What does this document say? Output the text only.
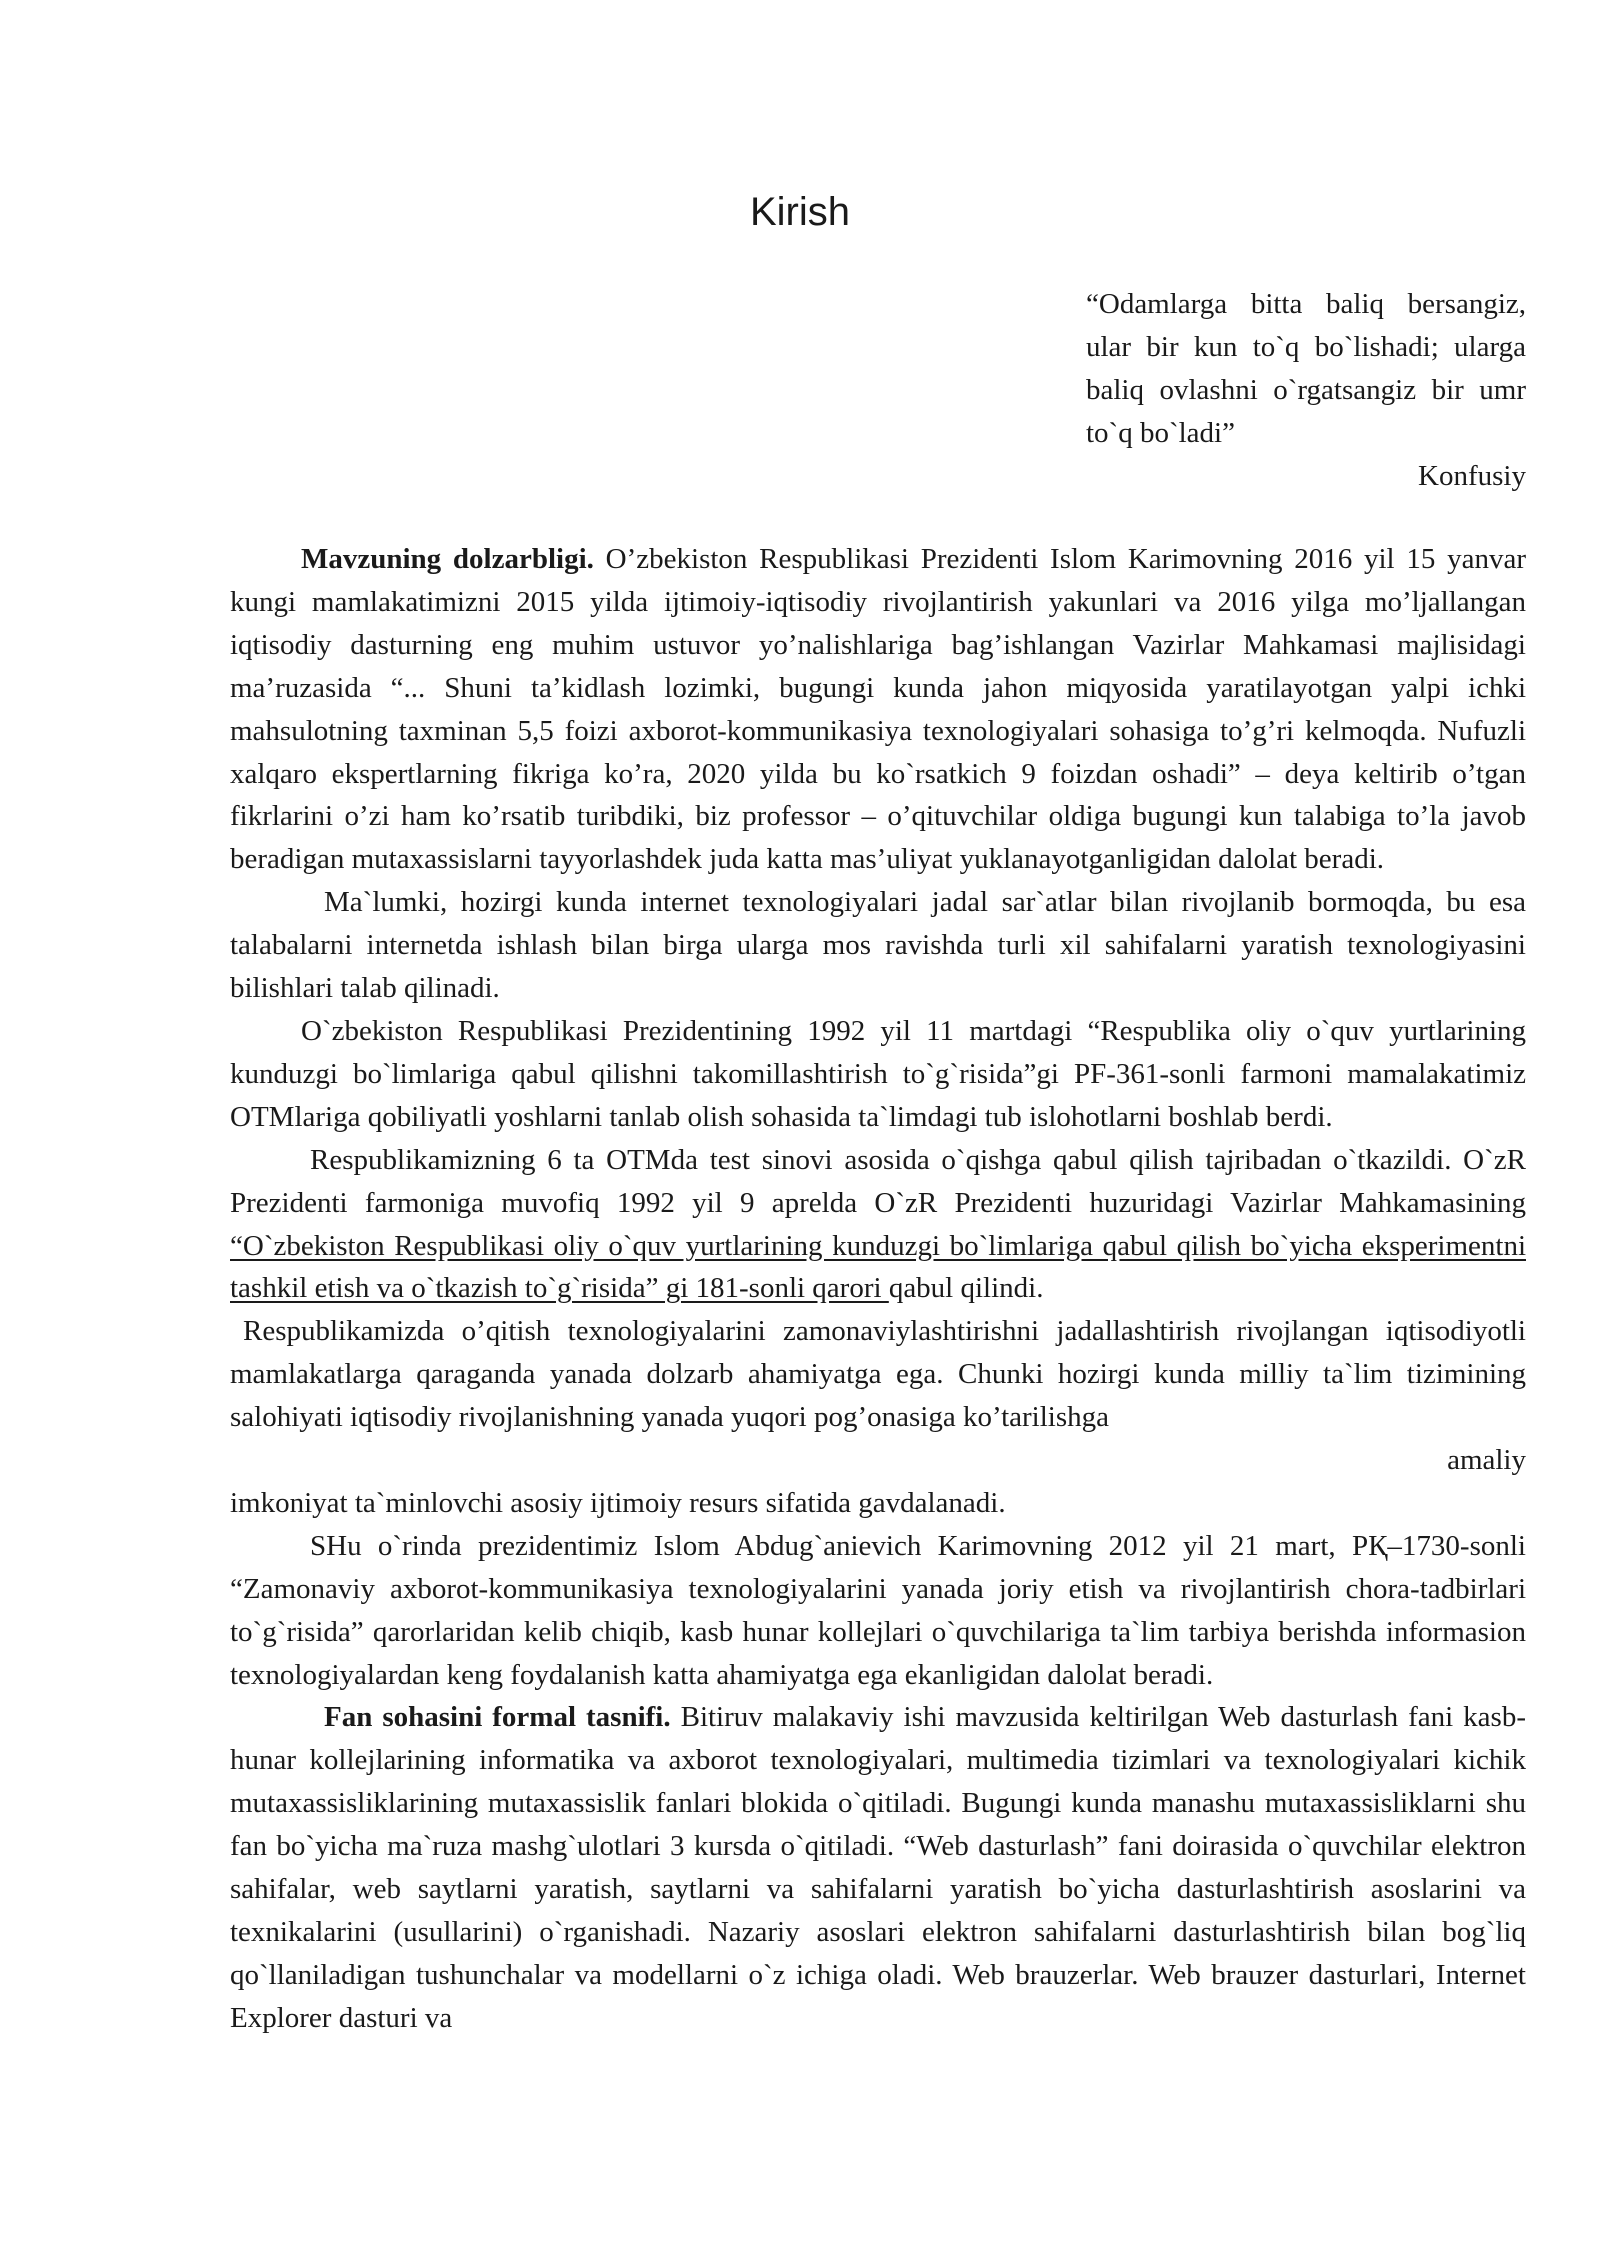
Kirish
“Odamlarga bitta baliq bersangiz, ular bir kun to`q bo`lishadi; ularga baliq ovlashni o`rgatsangiz bir umr to`q bo`ladi”
Konfusiy

Mavzuning dolzarbligi. O’zbekiston Respublikasi Prezidenti Islom Karimovning 2016 yil 15 yanvar kungi mamlakatimizni 2015 yilda ijtimoiy-iqtisodiy rivojlantirish yakunlari va 2016 yilga mo’ljallangan iqtisodiy dasturning eng muhim ustuvor yo’nalishlariga bag’ishlangan Vazirlar Mahkamasi majlisidagi ma’ruzasida “... Shuni ta’kidlash lozimki, bugungi kunda jahon miqyosida yaratilayotgan yalpi ichki mahsulotning taxminan 5,5 foizi axborot-kommunikasiya texnologiyalari sohasiga to’g’ri kelmoqda. Nufuzli xalqaro ekspertlarning fikriga ko’ra, 2020 yilda bu ko`rsatkich 9 foizdan oshadi” – deya keltirib o’tgan fikrlarini o’zi ham ko’rsatib turibdiki, biz professor – o’qituvchilar oldiga bugungi kun talabiga to’la javob beradigan mutaxassislarni tayyorlashdek juda katta mas’uliyat yuklanayotganligidan dalolat beradi.

Ma`lumki, hozirgi kunda internet texnologiyalari jadal sar`atlar bilan rivojlanib bormoqda, bu esa talabalarni internetda ishlash bilan birga ularga mos ravishda turli xil sahifalarni yaratish texnologiyasini bilishlari talab qilinadi.

O`zbekiston Respublikasi Prezidentining 1992 yil 11 martdagi “Respublika oliy o`quv yurtlarining kunduzgi bo`limlariga qabul qilishni takomillashtirish to`g`risida”gi PF-361-sonli farmoni mamalakatimiz OTMlariga qobiliyatli yoshlarni tanlab olish sohasida ta`limdagi tub islohotlarni boshlab berdi.

Respublikamizning 6 ta OTMda test sinovi asosida o`qishga qabul qilish tajribadan o`tkazildi. O`zR Prezidenti farmoniga muvofiq 1992 yil 9 aprelda O`zR Prezidenti huzuridagi Vazirlar Mahkamasining “O`zbekiston Respublikasi oliy o`quv yurtlarining kunduzgi bo`limlariga qabul qilish bo`yicha eksperimentni tashkil etish va o`tkazish to`g`risida” gi 181-sonli qarori qabul qilindi.

Respublikamizda o’qitish texnologiyalarini zamonaviylashtirishni jadallashtirish rivojlangan iqtisodiyotli mamlakatlarga qaraganda yanada dolzarb ahamiyatga ega. Chunki hozirgi kunda milliy ta`lim tizimining salohiyati iqtisodiy rivojlanishning yanada yuqori pog’onasiga ko’tarilishga
amaliy

imkoniyat ta`minlovchi asosiy ijtimoiy resurs sifatida gavdalanadi.

SHu o`rinda prezidentimiz Islom Abdug`anievich Karimovning 2012 yil 21 mart, PҚ–1730-sonli “Zamonaviy axborot-kommunikasiya texnologiyalarini yanada joriy etish va rivojlantirish chora-tadbirlari to`g`risida” qarorlaridan kelib chiqib, kasb hunar kollejlari o`quvchilariga ta`lim tarbiya berishda informasion texnologiyalardan keng foydalanish katta ahamiyatga ega ekanligidan dalolat beradi.

Fan sohasini formal tasnifi. Bitiruv malakaviy ishi mavzusida keltirilgan Web dasturlash fani kasb-hunar kollejlarining informatika va axborot texnologiyalari, multimedia tizimlari va texnologiyalari kichik mutaxassisliklarining mutaxassislik fanlari blokida o`qitiladi. Bugungi kunda manashu mutaxassisliklarni shu fan bo`yicha ma`ruza mashg`ulotlari 3 kursda o`qitiladi. “Web dasturlash” fani doirasida o`quvchilar elektron sahifalar, web saytlarni yaratish, saytlarni va sahifalarni yaratish bo`yicha dasturlashtirish asoslarini va texnikalarini (usullarini) o`rganishadi. Nazariy asoslari elektron sahifalarni dasturlashtirish bilan bog`liq qo`llaniladigan tushunchalar va modellarni o`z ichiga oladi. Web brauzerlar. Web brauzer dasturlari, Internet Explorer dasturi va
